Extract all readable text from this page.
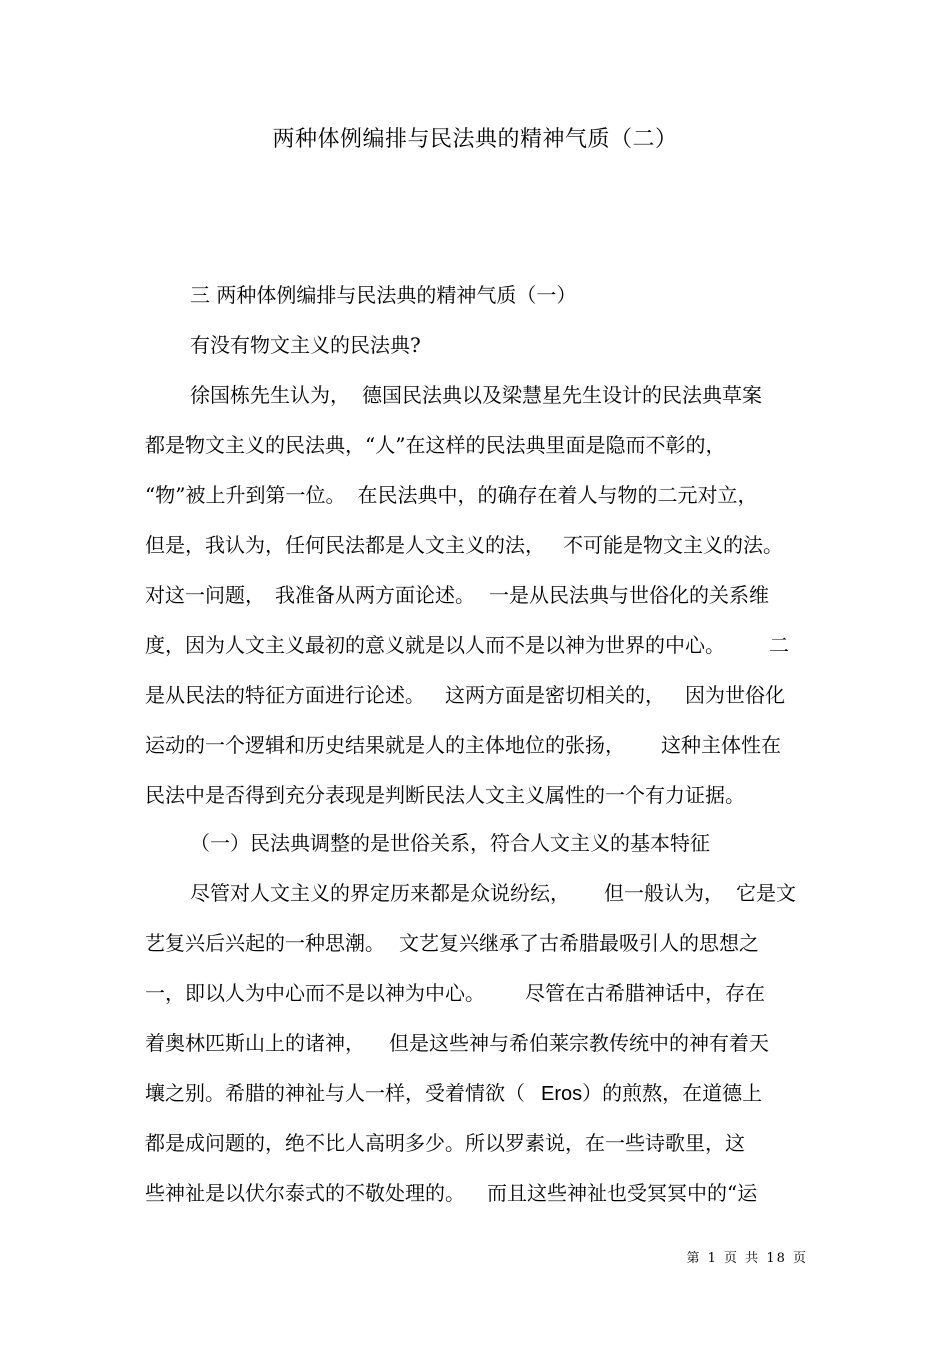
两种体例编排与民法典的精神气质（二）
三 两种体例编排与民法典的精神气质（一）
有没有物文主义的民法典?
徐国栋先生认为， 德国民法典以及梁慧星先生设计的民法典草案
都是物文主义的民法典，“人”在这样的民法典里面是隐而不彰的，
“物”被上升到第一位。 在民法典中，的确存在着人与物的二元对立，
但是，我认为，任何民法都是人文主义的法， 不可能是物文主义的法。
对这一问题， 我准备从两方面论述。 一是从民法典与世俗化的关系维
度，因为人文主义最初的意义就是以人而不是以神为世界的中心。 二
是从民法的特征方面进行论述。 这两方面是密切相关的， 因为世俗化
运动的一个逻辑和历史结果就是人的主体地位的张扬， 这种主体性在
民法中是否得到充分表现是判断民法人文主义属性的一个有力证据。
（一）民法典调整的是世俗关系，符合人文主义的基本特征
尽管对人文主义的界定历来都是众说纷纭， 但一般认为， 它是文
艺复兴后兴起的一种思潮。 文艺复兴继承了古希腊最吸引人的思想之
一，即以人为中心而不是以神为中心。 尽管在古希腊神话中，存在
着奥林匹斯山上的诸神， 但是这些神与希伯莱宗教传统中的神有着天
壤之别。希腊的神祉与人一样，受着情欲（ Eros）的煎熬，在道德上
都是成问题的，绝不比人高明多少。所以罗素说，在一些诗歌里，这
些神祉是以伏尔泰式的不敬处理的。 而且这些神祉也受冥冥中的“运
第 1 页 共 18 页
